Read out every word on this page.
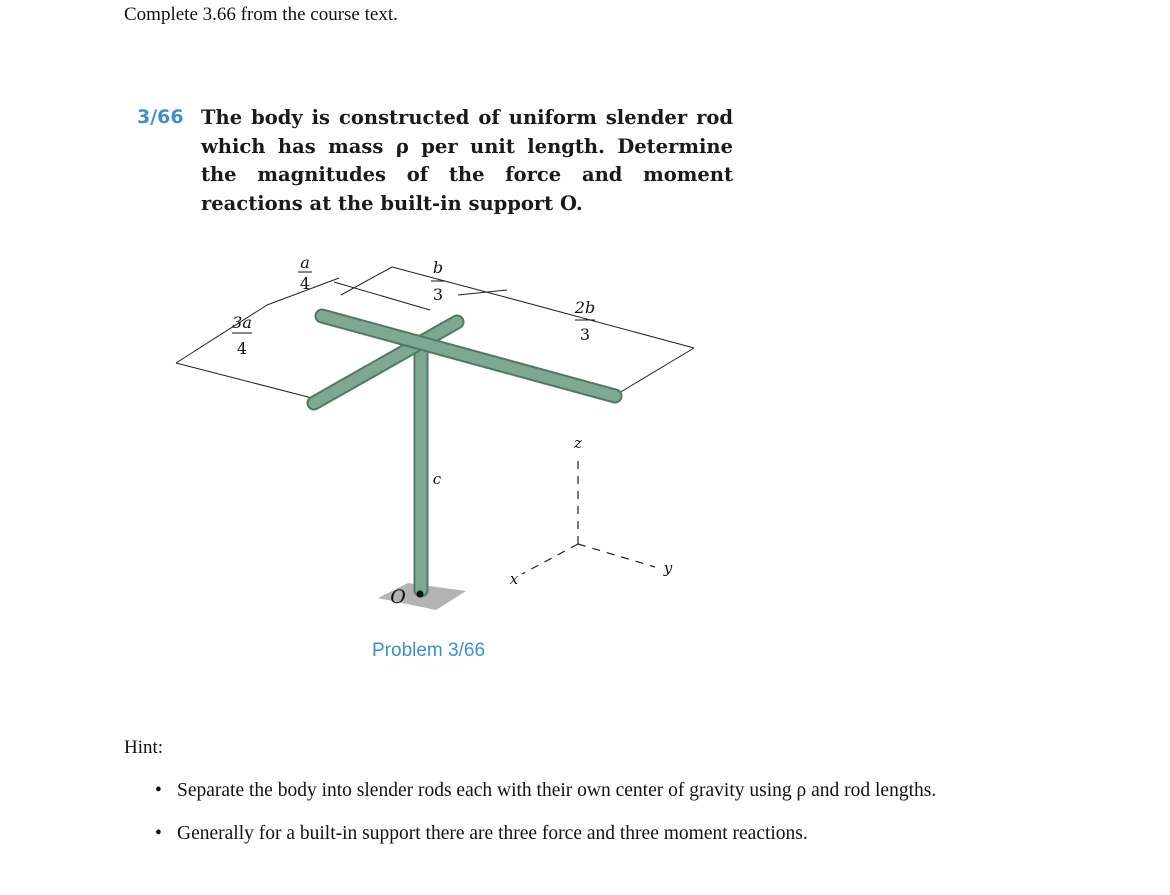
Complete 3.66 from the course text.
3/66 The body is constructed of uniform slender rod which has mass ρ per unit length. Determine the magnitudes of the force and moment reactions at the built-in support O.
a
4
b
3
2b
3
3a
4
c
O
z
x
y
Problem 3/66
Hint:
• Separate the body into slender rods each with their own center of gravity using ρ and rod lengths.
• Generally for a built-in support there are three force and three moment reactions.
